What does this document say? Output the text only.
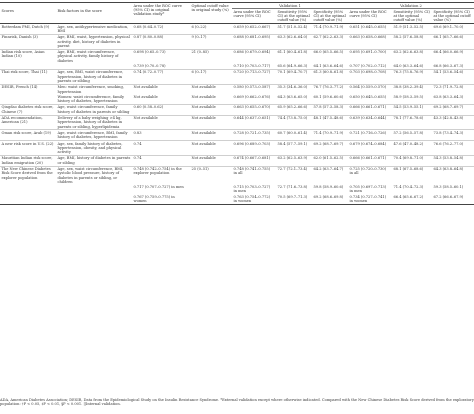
		Area under the ROC curve (95% CI) in original validation study*	Optimal cutoff value in original study (%)	Validation 1			Validation 2		
Scores	Risk factors in the score			Area under the ROC curve (95% CI)	Sensitivity (95% CI) at the optimal cutoff value (%)	Specificity (95% CI) at the optimal cutoff value (%)	Area under the ROC curve (95% CI)	Sensitivity (95% CI) at the optimal cutoff value (%)	Specificity (95% CI) at the optimal cutoff value (%)
Rotterdam PMI, Dutch (9)	Age, sex, antihypertensive medication, BMI	0.68 (0.64–0.72)	6 (0–22)	0.659 (0.652–0.667)	51.7 (51.0–52.4)	71.4 (70.9–71.9)	0.651 (0.645–0.655)	51.9 (51.3–52.5)	69.6 (69.1–70.0)
Finnrisk, Danish (3)	Age, BMI, waist, hypertension, physical activity, diet, history of diabetes in parent	0.87 (0.80–0.88)	9 (0–17)	0.688 (0.681–0.695)	63.3 (62.6–64.0)	62.7 (62.2–63.3)	0.663 (0.658–0.668)	58.2 (57.6–58.8)	66.1 (65.7–66.6)
Indian risk score, Asian Indian (10)	Age, BMI, waist circumference, physical activity, family history of diabetes	0.698 (0.65–0.73)	21 (0–85)	0.686 (0.679–0.694)	61.1 (60.4–61.8)	66.0 (65.5–66.5)	0.695 (0.691–0.700)	63.2 (62.6–63.8)	66.4 (66.0–66.9)
		0.739 (0.70–0.78)		0.710 (0.703–0.717)	65.6 (64.9–66.3)	64.1 (63.6–64.6)	0.707 (0.702–0.712)	64.0 (63.3–64.6)	66.8 (66.3–67.3)
Thai risk score, Thai (11)	Age, sex, BMI, waist circumference, hypertension, history of diabetes in parents or sibling	0.74 (0.72–0.77)	6 (0–17)	0.720 (0.713–0.727)	70.1 (69.4–70.7)	61.3 (60.8–61.8)	0.703 (0.698–0.708)	76.3 (75.8–76.9)	54.1 (53.6–54.6)
DESIR, French (14)	Men: waist circumference, smoking, hypertension	Not available	Not available	0.580 (0.573–0.587)	35.3 (34.6–36.0)	76.7 (76.3–77.2)	0.564 (0.559–0.570)	38.8 (38.2–39.4)	72.3 (71.9–72.8)
	Women: waist circumference, family history of diabetes, hypertension	Not available	Not available	0.669 (0.662–0.676)	64.3 (63.6–65.0)	60.1 (59.6–60.6)	0.650 (0.645–0.655)	58.9 (58.3–59.5)	63.8 (63.3–64.3)
Qingdao diabetes risk score, Chinese (7)	Age, waist circumference, family history of diabetes in parents or sibling	0.60 (0.58–0.62)	Not available	0.663 (0.655–0.670)	65.9 (65.2–66.6)	57.8 (57.3–58.3)	0.666 (0.661–0.671)	54.5 (53.9–55.1)	69.2 (68.7–69.7)
ADA recommendation, American (21)	Delivery of a baby weighing >4 kg, hypertension, history of diabetes in parents or sibling, hyperlipidemia	Not available	Not available	0.644 (0.637–0.651)	74.4 (73.8–75.0)	48.1 (47.5–48.6)	0.639 (0.634–0.644)	78.1 (77.6–78.6)	43.3 (42.8–43.8)
Oman risk score, Arab (19)	Age, waist circumference, BMI, family history of diabetes, hypertension	0.83	Not available	0.728 (0.721–0.735)	60.7 (60.0–61.4)	71.4 (70.9–71.9)	0.721 (0.716–0.726)	57.2 (56.5–57.8)	73.8 (73.4–74.3)
A new risk score in U.S. (22)	Age, sex, family history of diabetes, hypertension, obesity, and physical activity	0.74	Not available	0.696 (0.689–0.703)	58.4 (57.7–59.1)	69.2 (68.7–69.7)	0.679 (0.674–0.684)	47.6 (47.0–48.2)	76.6 (76.2–77.0)
Mauritian Indian risk score, Indian emigration (20)	Age, BMI, history of diabetes in parents or sibling	0.74	Not available	0.674 (0.667–0.681)	63.2 (62.5–63.9)	62.0 (61.5–62.5)	0.666 (0.661–0.671)	70.4 (69.8–71.0)	54.3 (53.8–54.8)
The New Chinese Diabetes Risk Score derived from the explorer population	Age, sex, waist circumference, BMI, systolic blood pressure, history of diabetes in parents or sibling, or children	0.748 (0.742–0.754) in the explorer population	25 (0–51)	0.748 (0.741–0.755) in all	72.7 (72.1–73.4)	64.2 (63.7–64.7)	0.725 (0.720–0.730) in all	68.1 (67.5–68.6)	64.3 (63.8–64.8)
		0.717 (0.707–0.727) in men		0.715 (0.703–0.727) in men	72.7 (71.6–73.8)	59.8 (58.9–60.6)	0.705 (0.697–0.713) in men	71.4 (70.4–72.3)	59.3 (58.5–60.1)
		0.767 (0.759–0.775) in women		0.763 (0.754–0.772) in women	70.5 (69.7–71.3)	69.2 (68.6–69.8)	0.734 (0.727–0.741) in women	66.4 (65.6–67.2)	67.2 (66.6–67.9)
ADA, American Diabetes Association; DESIR, Data from the Epidemiological Study on the Insulin Resistance Syndrome. *External validation except where otherwise indicated. Compared with the New Chinese Diabetes Risk Score derived from the exploratory population: †P < 0.05, ‡P < 0.01, §P < 0.001. ||Internal validation.
